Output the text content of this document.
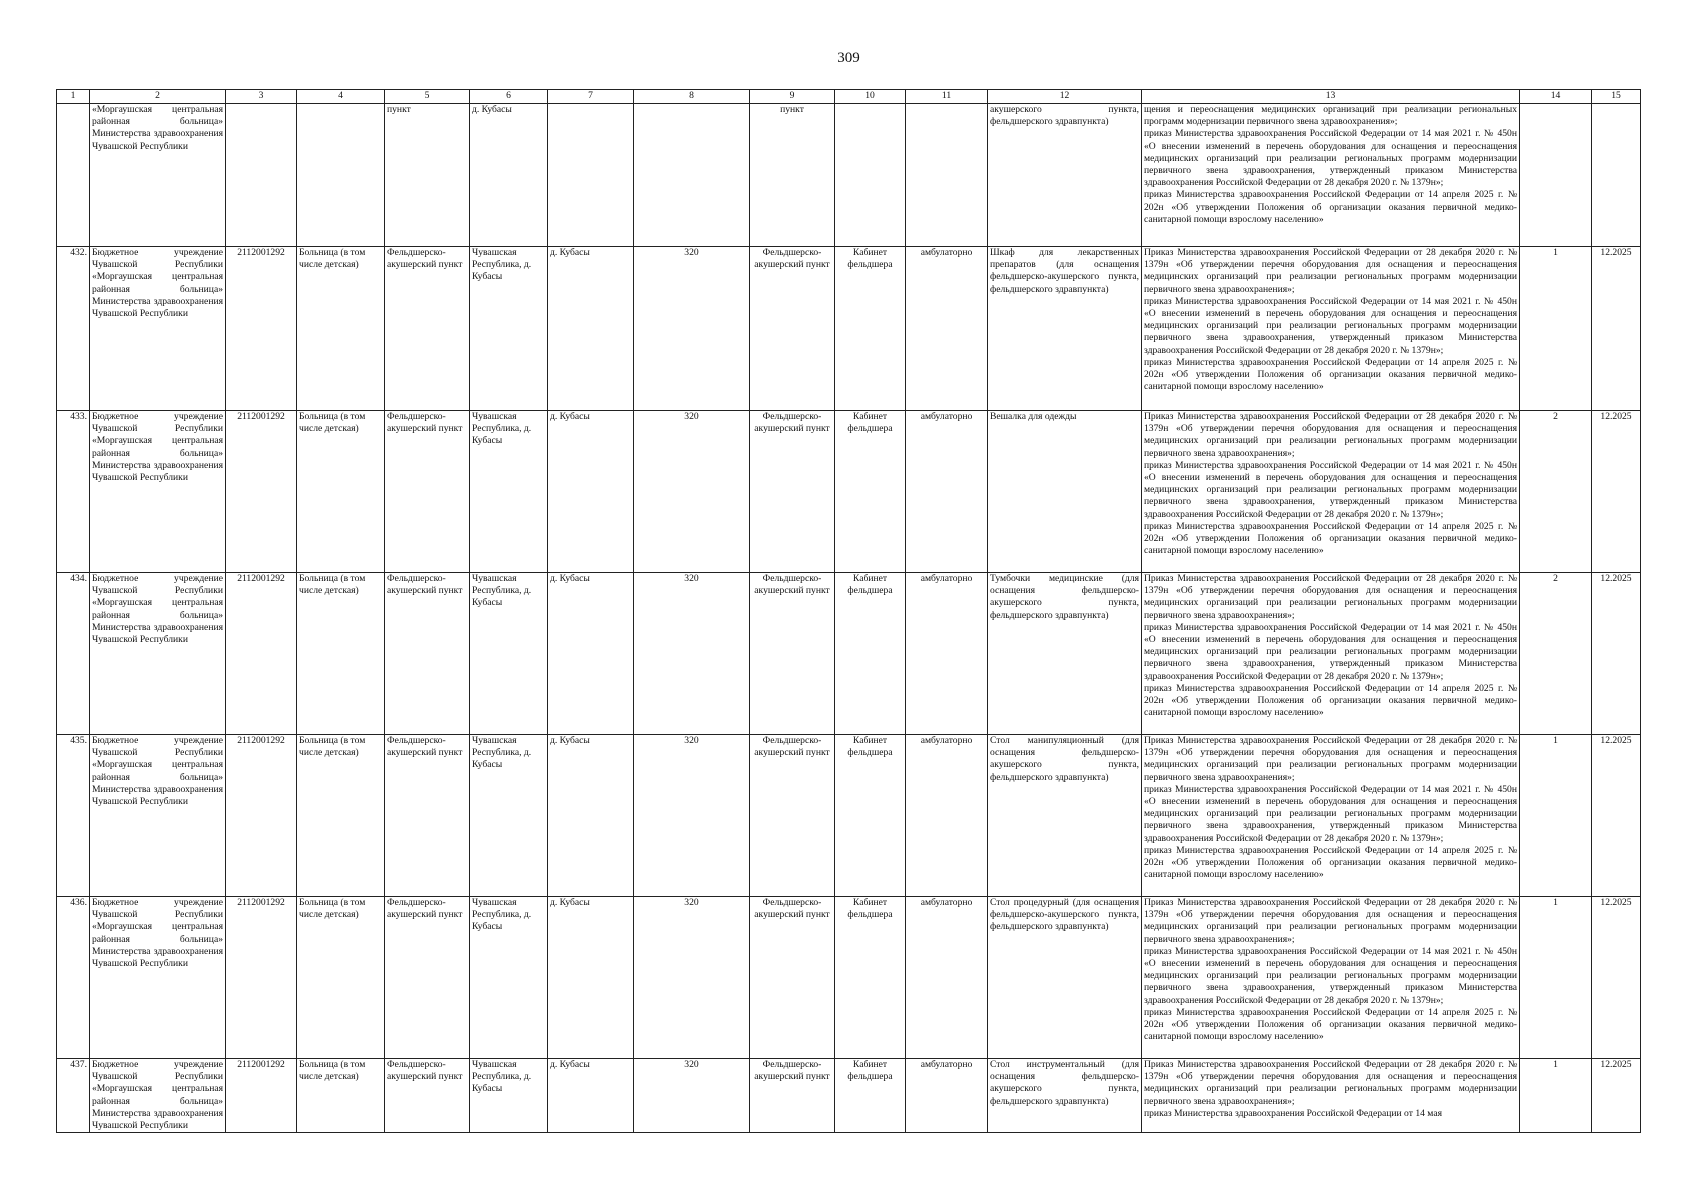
309
1	2	3	4	5	6	7	8	9	10	11	12	13	14	15
	«Моргаушская центральная районная больница» Министерства здравоохранения Чувашской Республики			пункт	д. Кубасы			пункт			акушерского пункта, фельдшерского здравпункта)	щения и переоснащения медицинских организаций при реализации региональных программ модернизации первичного звена здравоохранения»;
приказ Министерства здравоохранения Российской Федерации от 14 мая 2021 г. № 450н «О внесении изменений в перечень оборудования для оснащения и переоснащения медицинских организаций при реализации региональных программ модернизации первичного звена здравоохранения, утвержденный приказом Министерства здравоохранения Российской Федерации от 28 декабря 2020 г. № 1379н»;
приказ Министерства здравоохранения Российской Федерации от 14 апреля 2025 г. № 202н «Об утверждении Положения об организации оказания первичной медико-санитарной помощи взрослому населению»		
432.	Бюджетное учреждение Чувашской Республики «Моргаушская центральная районная больница» Министерства здравоохранения Чувашской Республики	2112001292	Больница (в том числе детская)	Фельдшерско-акушерский пункт	Чувашская Республика, д. Кубасы	д. Кубасы	320	Фельдшерско-акушерский пункт	Кабинет фельдшера	амбулаторно	Шкаф для лекарственных препаратов (для оснащения фельдшерско-акушерского пункта, фельдшерского здравпункта)	Приказ Министерства здравоохранения Российской Федерации от 28 декабря 2020 г. № 1379н «Об утверждении перечня оборудования для оснащения и переоснащения медицинских организаций при реализации региональных программ модернизации первичного звена здравоохранения»;
приказ Министерства здравоохранения Российской Федерации от 14 мая 2021 г. № 450н «О внесении изменений в перечень оборудования для оснащения и переоснащения медицинских организаций при реализации региональных программ модернизации первичного звена здравоохранения, утвержденный приказом Министерства здравоохранения Российской Федерации от 28 декабря 2020 г. № 1379н»;
приказ Министерства здравоохранения Российской Федерации от 14 апреля 2025 г. № 202н «Об утверждении Положения об организации оказания первичной медико-санитарной помощи взрослому населению»	1	12.2025
433.	Бюджетное учреждение Чувашской Республики «Моргаушская центральная районная больница» Министерства здравоохранения Чувашской Республики	2112001292	Больница (в том числе детская)	Фельдшерско-акушерский пункт	Чувашская Республика, д. Кубасы	д. Кубасы	320	Фельдшерско-акушерский пункт	Кабинет фельдшера	амбулаторно	Вешалка для одежды	Приказ Министерства здравоохранения Российской Федерации от 28 декабря 2020 г. № 1379н «Об утверждении перечня оборудования для оснащения и переоснащения медицинских организаций при реализации региональных программ модернизации первичного звена здравоохранения»;
приказ Министерства здравоохранения Российской Федерации от 14 мая 2021 г. № 450н «О внесении изменений в перечень оборудования для оснащения и переоснащения медицинских организаций при реализации региональных программ модернизации первичного звена здравоохранения, утвержденный приказом Министерства здравоохранения Российской Федерации от 28 декабря 2020 г. № 1379н»;
приказ Министерства здравоохранения Российской Федерации от 14 апреля 2025 г. № 202н «Об утверждении Положения об организации оказания первичной медико-санитарной помощи взрослому населению»	2	12.2025
434.	Бюджетное учреждение Чувашской Республики «Моргаушская центральная районная больница» Министерства здравоохранения Чувашской Республики	2112001292	Больница (в том числе детская)	Фельдшерско-акушерский пункт	Чувашская Республика, д. Кубасы	д. Кубасы	320	Фельдшерско-акушерский пункт	Кабинет фельдшера	амбулаторно	Тумбочки медицинские (для оснащения фельдшерско-акушерского пункта, фельдшерского здравпункта)	Приказ Министерства здравоохранения Российской Федерации от 28 декабря 2020 г. № 1379н «Об утверждении перечня оборудования для оснащения и переоснащения медицинских организаций при реализации региональных программ модернизации первичного звена здравоохранения»;
приказ Министерства здравоохранения Российской Федерации от 14 мая 2021 г. № 450н «О внесении изменений в перечень оборудования для оснащения и переоснащения медицинских организаций при реализации региональных программ модернизации первичного звена здравоохранения, утвержденный приказом Министерства здравоохранения Российской Федерации от 28 декабря 2020 г. № 1379н»;
приказ Министерства здравоохранения Российской Федерации от 14 апреля 2025 г. № 202н «Об утверждении Положения об организации оказания первичной медико-санитарной помощи взрослому населению»	2	12.2025
435.	Бюджетное учреждение Чувашской Республики «Моргаушская центральная районная больница» Министерства здравоохранения Чувашской Республики	2112001292	Больница (в том числе детская)	Фельдшерско-акушерский пункт	Чувашская Республика, д. Кубасы	д. Кубасы	320	Фельдшерско-акушерский пункт	Кабинет фельдшера	амбулаторно	Стол манипуляционный (для оснащения фельдшерско-акушерского пункта, фельдшерского здравпункта)	Приказ Министерства здравоохранения Российской Федерации от 28 декабря 2020 г. № 1379н «Об утверждении перечня оборудования для оснащения и переоснащения медицинских организаций при реализации региональных программ модернизации первичного звена здравоохранения»;
приказ Министерства здравоохранения Российской Федерации от 14 мая 2021 г. № 450н «О внесении изменений в перечень оборудования для оснащения и переоснащения медицинских организаций при реализации региональных программ модернизации первичного звена здравоохранения, утвержденный приказом Министерства здравоохранения Российской Федерации от 28 декабря 2020 г. № 1379н»;
приказ Министерства здравоохранения Российской Федерации от 14 апреля 2025 г. № 202н «Об утверждении Положения об организации оказания первичной медико-санитарной помощи взрослому населению»	1	12.2025
436.	Бюджетное учреждение Чувашской Республики «Моргаушская центральная районная больница» Министерства здравоохранения Чувашской Республики	2112001292	Больница (в том числе детская)	Фельдшерско-акушерский пункт	Чувашская Республика, д. Кубасы	д. Кубасы	320	Фельдшерско-акушерский пункт	Кабинет фельдшера	амбулаторно	Стол процедурный (для оснащения фельдшерско-акушерского пункта, фельдшерского здравпункта)	Приказ Министерства здравоохранения Российской Федерации от 28 декабря 2020 г. № 1379н «Об утверждении перечня оборудования для оснащения и переоснащения медицинских организаций при реализации региональных программ модернизации первичного звена здравоохранения»;
приказ Министерства здравоохранения Российской Федерации от 14 мая 2021 г. № 450н «О внесении изменений в перечень оборудования для оснащения и переоснащения медицинских организаций при реализации региональных программ модернизации первичного звена здравоохранения, утвержденный приказом Министерства здравоохранения Российской Федерации от 28 декабря 2020 г. № 1379н»;
приказ Министерства здравоохранения Российской Федерации от 14 апреля 2025 г. № 202н «Об утверждении Положения об организации оказания первичной медико-санитарной помощи взрослому населению»	1	12.2025
437.	Бюджетное учреждение Чувашской Республики «Моргаушская центральная районная больница» Министерства здравоохранения Чувашской Республики	2112001292	Больница (в том числе детская)	Фельдшерско-акушерский пункт	Чувашская Республика, д. Кубасы	д. Кубасы	320	Фельдшерско-акушерский пункт	Кабинет фельдшера	амбулаторно	Стол инструментальный (для оснащения фельдшерско-акушерского пункта, фельдшерского здравпункта)	Приказ Министерства здравоохранения Российской Федерации от 28 декабря 2020 г. № 1379н «Об утверждении перечня оборудования для оснащения и переоснащения медицинских организаций при реализации региональных программ модернизации первичного звена здравоохранения»;
приказ Министерства здравоохранения Российской Федерации от 14 мая	1	12.2025
